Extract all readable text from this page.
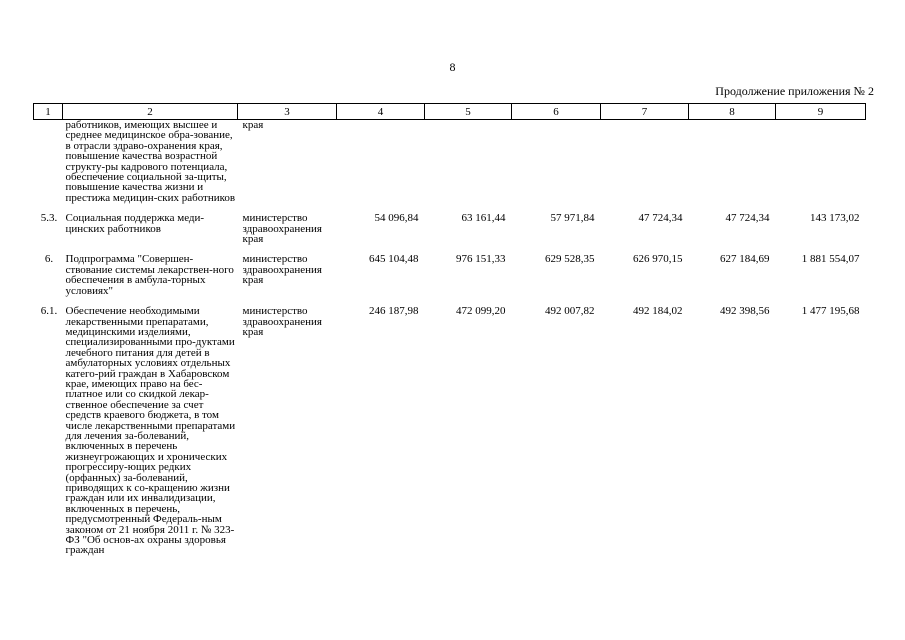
8
Продолжение приложения № 2
1	2	3	4	5	6	7	8	9
	работников, имеющих высшее и среднее медицинское обра-зование, в отрасли здраво-охранения края, повышение качества возрастной структу-ры кадрового потенциала, обеспечение социальной за-щиты, повышение качества жизни и престижа медицин-ских работников	края						

5.3.	Социальная поддержка меди-цинских работников	министерство здравоохранения края	54 096,84	63 161,44	57 971,84	47 724,34	47 724,34	143 173,02

6.	Подпрограмма "Совершен-ствование системы лекарствен-ного обеспечения в амбула-торных условиях"	министерство здравоохранения края	645 104,48	976 151,33	629 528,35	626 970,15	627 184,69	1 881 554,07

6.1.	Обеспечение необходимыми лекарственными препаратами, медицинскими изделиями, специализированными про-дуктами лечебного питания для детей в амбулаторных условиях отдельных катего-рий граждан в Хабаровском крае, имеющих право на бес-платное или со скидкой лекар-ственное обеспечение за счет средств краевого бюджета, в том числе лекарственными препаратами для лечения за-болеваний, включенных в перечень жизнеугрожающих и хронических прогрессиру-ющих редких (орфанных) за-болеваний, приводящих к со-кращению жизни граждан или их инвалидизации, включенных в перечень, предусмотренный Федераль-ным законом от 21 ноября 2011 г. № 323-ФЗ "Об основ-ах охраны здоровья граждан	министерство здравоохранения края	246 187,98	472 099,20	492 007,82	492 184,02	492 398,56	1 477 195,68
